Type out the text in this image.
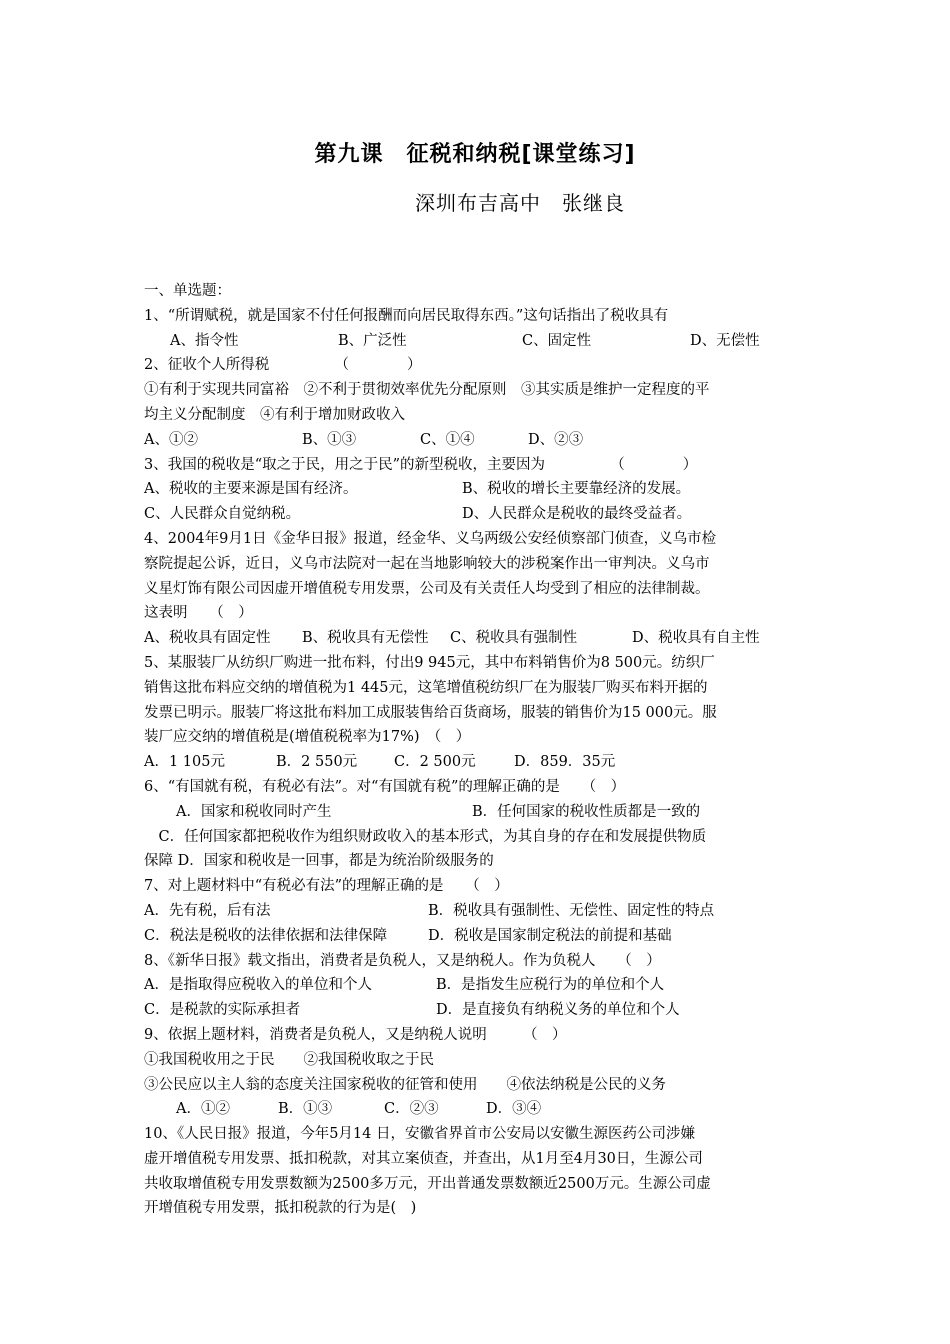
第九课　征税和纳税[课堂练习]
深圳布吉高中　张继良
一、单选题：
1、“所谓赋税，就是国家不付任何报酬而向居民取得东西。”这句话指出了税收具有
A、指令性	B、广泛性	C、固定性	D、无偿性
2、征收个人所得税　　　　　（　　　　）
①有利于实现共同富裕　②不利于贯彻效率优先分配原则　③其实质是维护一定程度的平
均主义分配制度　④有利于增加财政收入
A、①②	B、①③	C、①④	D、②③
3、我国的税收是“取之于民，用之于民”的新型税收，主要因为　　　　　（　　　　）
A、税收的主要来源是国有经济。	B、税收的增长主要靠经济的发展。
C、人民群众自觉纳税。	D、人民群众是税收的最终受益者。
4、2004年9月1日《金华日报》报道，经金华、义乌两级公安经侦察部门侦查，义乌市检
察院提起公诉，近日，义乌市法院对一起在当地影响较大的涉税案作出一审判决。义乌市
义星灯饰有限公司因虚开增值税专用发票，公司及有关责任人均受到了相应的法律制裁。
这表明　　（　）
A、税收具有固定性 B、税收具有无偿性 C、税收具有强制性	D、税收具有自主性
5、某服装厂从纺织厂购进一批布料，付出9 945元，其中布料销售价为8 500元。纺织厂
销售这批布料应交纳的增值税为1 445元，这笔增值税纺织厂在为服装厂购买布料开据的
发票已明示。服装厂将这批布料加工成服装售给百货商场，服装的销售价为15 000元。服
装厂应交纳的增值税是(增值税税率为17%)　（　）
A．1 105元	B．2 550元	C．2 500元	D．859．35元
6、“有国就有税，有税必有法”。对“有国就有税”的理解正确的是　　（　）
A．国家和税收同时产生	B．任何国家的税收性质都是一致的
　C．任何国家都把税收作为组织财政收入的基本形式，为其自身的存在和发展提供物质
保障 D．国家和税收是一回事，都是为统治阶级服务的
7、对上题材料中“有税必有法”的理解正确的是　　（　）
A．先有税，后有法	B．税收具有强制性、无偿性、固定性的特点
C．税法是税收的法律依据和法律保障	D．税收是国家制定税法的前提和基础
8、《新华日报》载文指出，消费者是负税人，又是纳税人。作为负税人　　（　）
A．是指取得应税收入的单位和个人	B．是指发生应税行为的单位和个人
C．是税款的实际承担者	D．是直接负有纳税义务的单位和个人
9、依据上题材料，消费者是负税人，又是纳税人说明　　　（　）
①我国税收用之于民　　②我国税收取之于民
③公民应以主人翁的态度关注国家税收的征管和使用　　④依法纳税是公民的义务
A．①②	B．①③	C．②③	D．③④
10、《人民日报》报道，今年5月14 日，安徽省界首市公安局以安徽生源医药公司涉嫌
虚开增值税专用发票、抵扣税款，对其立案侦查，并查出，从1月至4月30日，生源公司
共收取增值税专用发票数额为2500多万元，开出普通发票数额近2500万元。生源公司虚
开增值税专用发票，抵扣税款的行为是(　)
